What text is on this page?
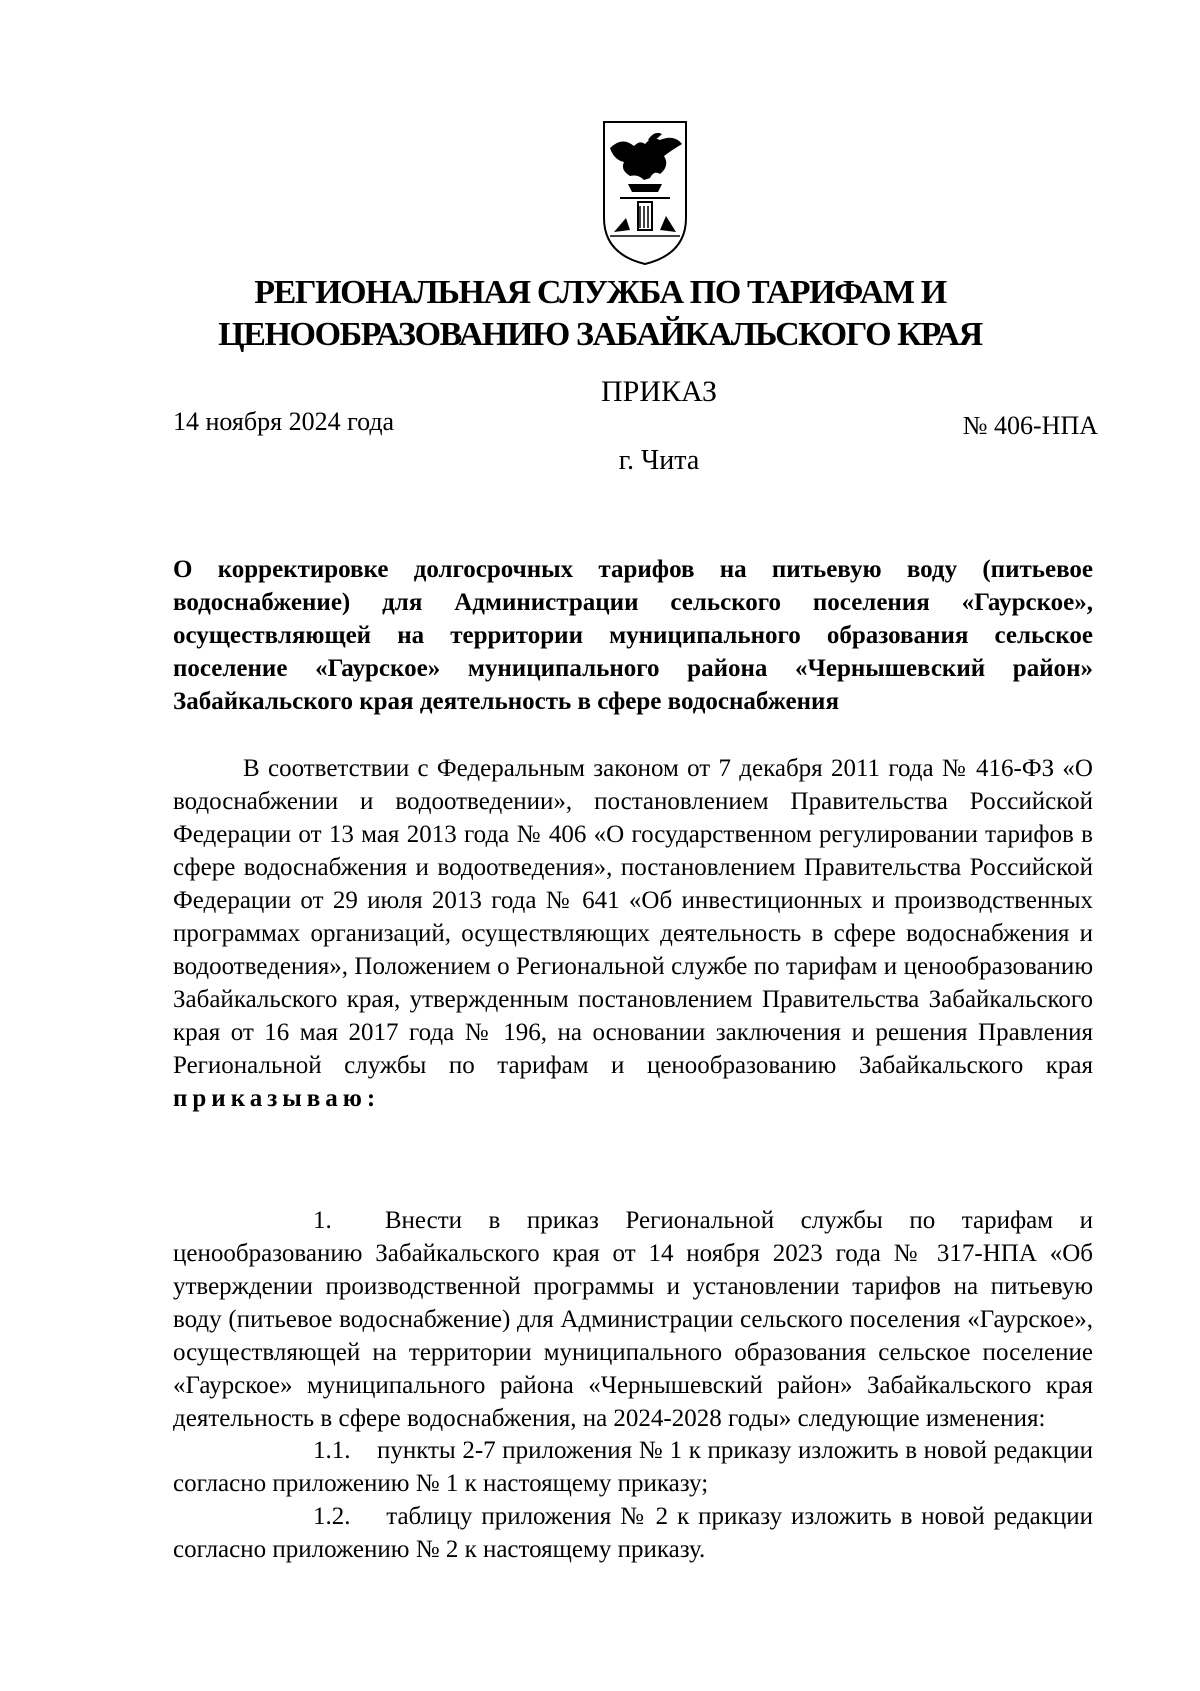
РЕГИОНАЛЬНАЯ СЛУЖБА ПО ТАРИФАМ И
ЦЕНООБРАЗОВАНИЮ ЗАБАЙКАЛЬСКОГО КРАЯ
ПРИКАЗ
14 ноября 2024 года	№ 406-НПА
г. Чита
О корректировке долгосрочных тарифов на питьевую воду (питьевое водоснабжение) для Администрации сельского поселения «Гаурское», осуществляющей на территории муниципального образования сельское поселение «Гаурское» муниципального района «Чернышевский район» Забайкальского края деятельность в сфере водоснабжения
В соответствии с Федеральным законом от 7 декабря 2011 года № 416-ФЗ «О водоснабжении и водоотведении», постановлением Правительства Российской Федерации от 13 мая 2013 года № 406 «О государственном регулировании тарифов в сфере водоснабжения и водоотведения», постановлением Правительства Российской Федерации от 29 июля 2013 года № 641 «Об инвестиционных и производственных программах организаций, осуществляющих деятельность в сфере водоснабжения и водоотведения», Положением о Региональной службе по тарифам и ценообразованию Забайкальского края, утвержденным постановлением Правительства Забайкальского края от 16 мая 2017 года № 196, на основании заключения и решения Правления Региональной службы по тарифам и ценообразованию Забайкальского края приказываю:
1. Внести в приказ Региональной службы по тарифам и ценообразованию Забайкальского края от 14 ноября 2023 года № 317-НПА «Об утверждении производственной программы и установлении тарифов на питьевую воду (питьевое водоснабжение) для Администрации сельского поселения «Гаурское», осуществляющей на территории муниципального образования сельское поселение «Гаурское» муниципального района «Чернышевский район» Забайкальского края деятельность в сфере водоснабжения, на 2024-2028 годы» следующие изменения:
1.1. пункты 2-7 приложения № 1 к приказу изложить в новой редакции согласно приложению № 1 к настоящему приказу;
1.2. таблицу приложения № 2 к приказу изложить в новой редакции согласно приложению № 2 к настоящему приказу.
